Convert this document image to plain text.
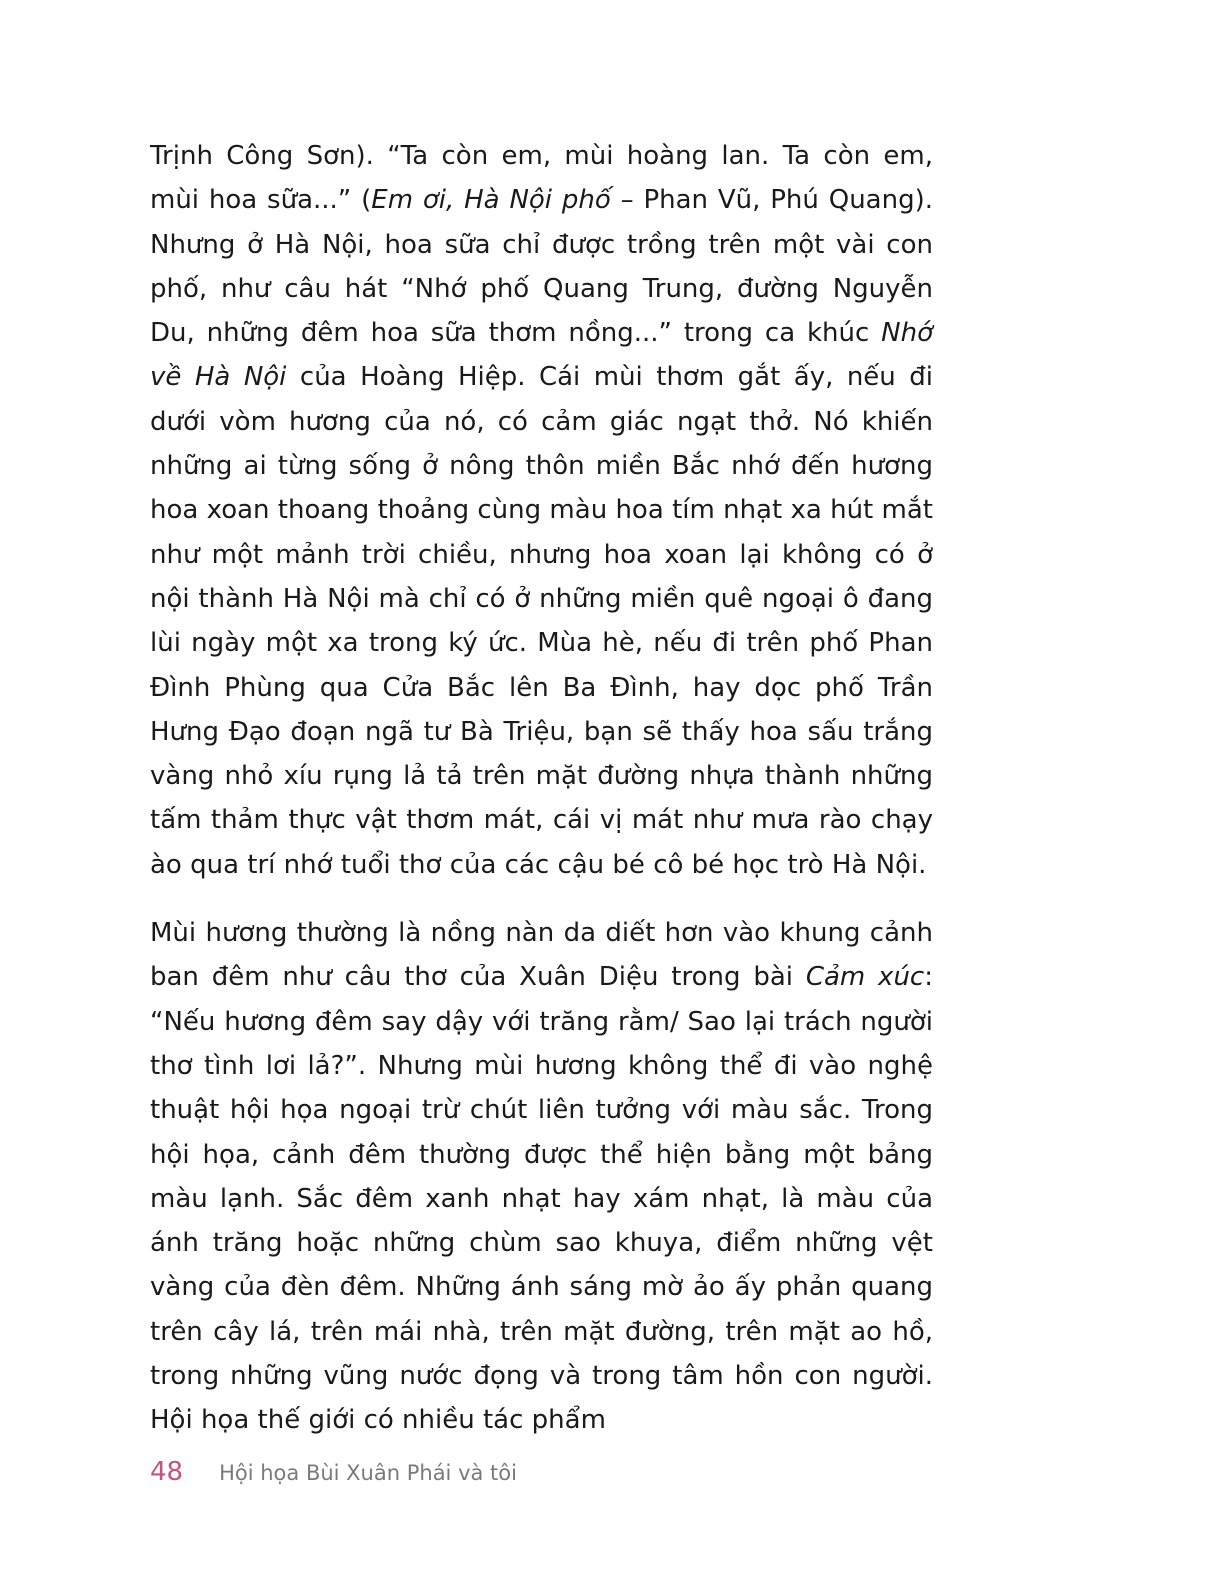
Trịnh Công Sơn). “Ta còn em, mùi hoàng lan. Ta còn em, mùi hoa sữa...” (Em ơi, Hà Nội phố – Phan Vũ, Phú Quang). Nhưng ở Hà Nội, hoa sữa chỉ được trồng trên một vài con phố, như câu hát “Nhớ phố Quang Trung, đường Nguyễn Du, những đêm hoa sữa thơm nồng...” trong ca khúc Nhớ về Hà Nội của Hoàng Hiệp. Cái mùi thơm gắt ấy, nếu đi dưới vòm hương của nó, có cảm giác ngạt thở. Nó khiến những ai từng sống ở nông thôn miền Bắc nhớ đến hương hoa xoan thoang thoảng cùng màu hoa tím nhạt xa hút mắt như một mảnh trời chiều, nhưng hoa xoan lại không có ở nội thành Hà Nội mà chỉ có ở những miền quê ngoại ô đang lùi ngày một xa trong ký ức. Mùa hè, nếu đi trên phố Phan Đình Phùng qua Cửa Bắc lên Ba Đình, hay dọc phố Trần Hưng Đạo đoạn ngã tư Bà Triệu, bạn sẽ thấy hoa sấu trắng vàng nhỏ xíu rụng lả tả trên mặt đường nhựa thành những tấm thảm thực vật thơm mát, cái vị mát như mưa rào chạy ào qua trí nhớ tuổi thơ của các cậu bé cô bé học trò Hà Nội.

Mùi hương thường là nồng nàn da diết hơn vào khung cảnh ban đêm như câu thơ của Xuân Diệu trong bài Cảm xúc: “Nếu hương đêm say dậy với trăng rằm/ Sao lại trách người thơ tình lơi lả?”. Nhưng mùi hương không thể đi vào nghệ thuật hội họa ngoại trừ chút liên tưởng với màu sắc. Trong hội họa, cảnh đêm thường được thể hiện bằng một bảng màu lạnh. Sắc đêm xanh nhạt hay xám nhạt, là màu của ánh trăng hoặc những chùm sao khuya, điểm những vệt vàng của đèn đêm. Những ánh sáng mờ ảo ấy phản quang trên cây lá, trên mái nhà, trên mặt đường, trên mặt ao hồ, trong những vũng nước đọng và trong tâm hồn con người. Hội họa thế giới có nhiều tác phẩm

48 Hội họa Bùi Xuân Phái và tôi
